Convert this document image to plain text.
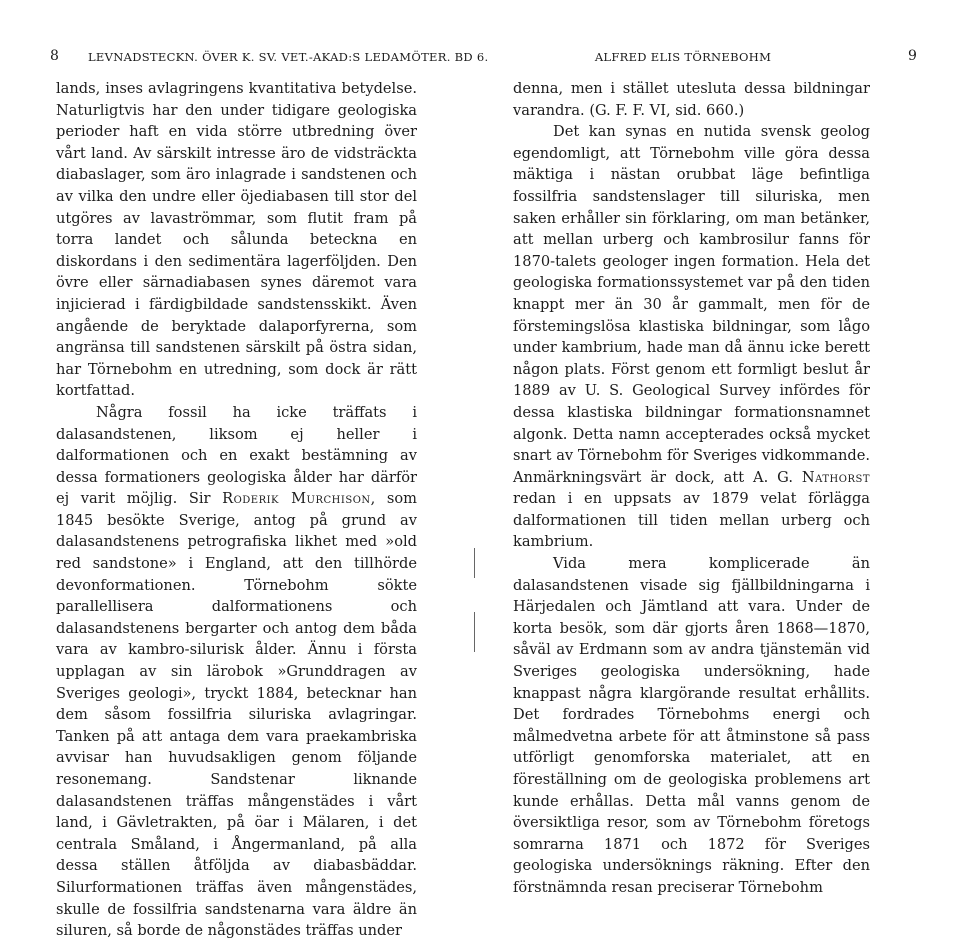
8	LEVNADSTECKN. ÖVER K. SV. VET.-AKAD:S LEDAMÖTER. BD 6.

lands, inses avlagringens kvantitativa betydelse. Naturligtvis har den under tidigare geologiska perioder haft en vida större utbredning över vårt land. Av särskilt intresse äro de vidsträckta diabaslager, som äro inlagrade i sandstenen och av vilka den undre eller öjediabasen till stor del utgöres av lavaströmmar, som flutit fram på torra landet och sålunda beteckna en diskordans i den sedimentära lagerföljden. Den övre eller särnadiabasen synes däremot vara injicierad i färdigbildade sandstensskikt. Även angående de beryktade dalaporfyrerna, som angränsa till sandstenen särskilt på östra sidan, har Törnebohm en utredning, som dock är rätt kortfattad.

Några fossil ha icke träffats i dalasandstenen, liksom ej heller i dalformationen och en exakt bestämning av dessa formationers geologiska ålder har därför ej varit möjlig. Sir Roderik Murchison, som 1845 besökte Sverige, antog på grund av dalasandstenens petrografiska likhet med »old red sandstone» i England, att den tillhörde devonformationen. Törnebohm sökte parallellisera dalformationens och dalasandstenens bergarter och antog dem båda vara av kambro-silurisk ålder. Ännu i första upplagan av sin lärobok »Grunddragen av Sveriges geologi», tryckt 1884, betecknar han dem såsom fossilfria siluriska avlagringar. Tanken på att antaga dem vara praekambriska avvisar han huvudsakligen genom följande resonemang. Sandstenar liknande dalasandstenen träffas mångenstädes i vårt land, i Gävletrakten, på öar i Mälaren, i det centrala Småland, i Ångermanland, på alla dessa ställen åtföljda av diabasbäddar. Silurformationen träffas även mångenstädes, skulle de fossilfria sandstenarna vara äldre än siluren, så borde de någonstädes träffas under

ALFRED ELIS TÖRNEBOHM	9

denna, men i stället utesluta dessa bildningar varandra. (G. F. F. VI, sid. 660.)

Det kan synas en nutida svensk geolog egendomligt, att Törnebohm ville göra dessa mäktiga i nästan orubbat läge befintliga fossilfria sandstenslager till siluriska, men saken erhåller sin förklaring, om man betänker, att mellan urberg och kambrosilur fanns för 1870-talets geologer ingen formation. Hela det geologiska formationssystemet var på den tiden knappt mer än 30 år gammalt, men för de förstemingslösa klastiska bildningar, som lågo under kambrium, hade man då ännu icke berett någon plats. Först genom ett formligt beslut år 1889 av U. S. Geological Survey infördes för dessa klastiska bildningar formationsnamnet algonk. Detta namn accepterades också mycket snart av Törnebohm för Sveriges vidkommande. Anmärkningsvärt är dock, att A. G. Nathorst redan i en uppsats av 1879 velat förlägga dalformationen till tiden mellan urberg och kambrium.

Vida mera komplicerade än dalasandstenen visade sig fjällbildningarna i Härjedalen och Jämtland att vara. Under de korta besök, som där gjorts åren 1868—1870, såväl av Erdmann som av andra tjänstemän vid Sveriges geologiska undersökning, hade knappast några klargörande resultat erhållits. Det fordrades Törnebohms energi och målmedvetna arbete för att åtminstone så pass utförligt genomforska materialet, att en föreställning om de geologiska problemens art kunde erhållas. Detta mål vanns genom de översiktliga resor, som av Törnebohm företogs somrarna 1871 och 1872 för Sveriges geologiska undersöknings räkning. Efter den förstnämnda resan preciserar Törnebohm
